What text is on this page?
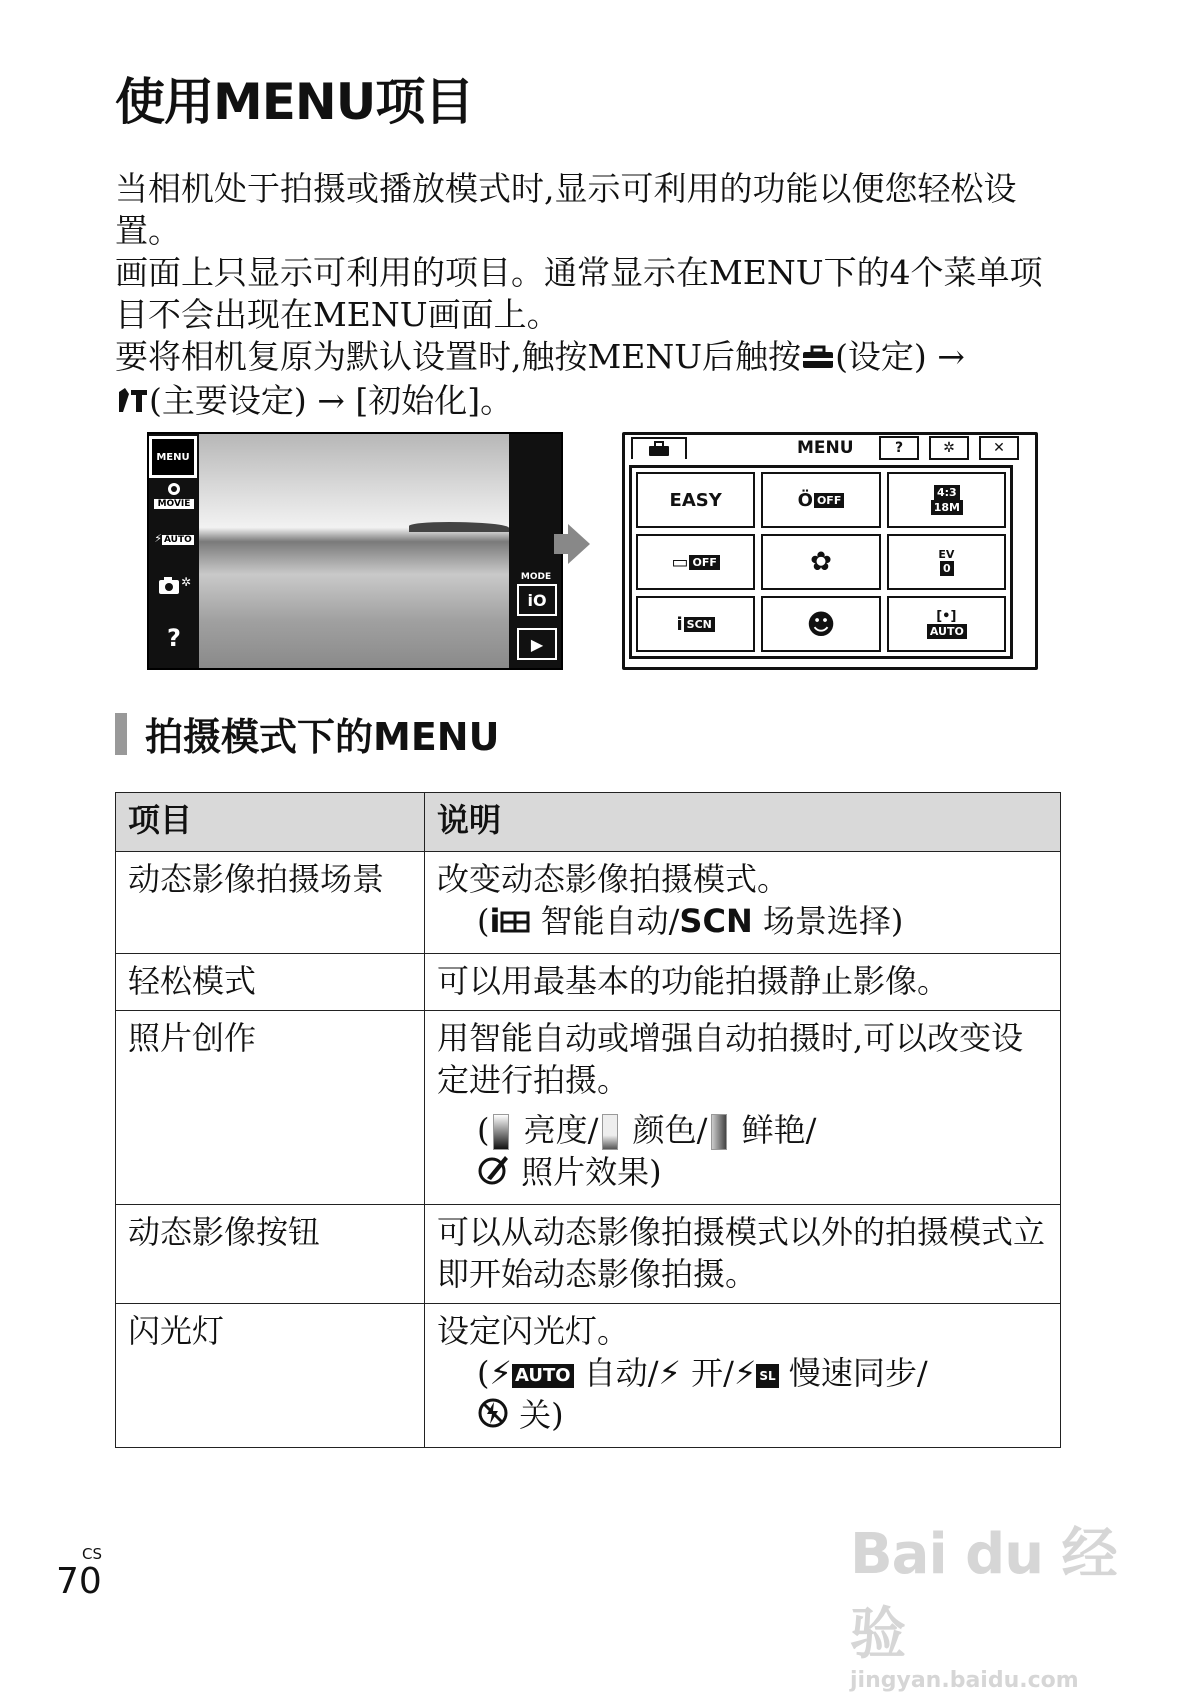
使用MENU项目

当相机处于拍摄或播放模式时,显示可利用的功能以便您轻松设置。

画面上只显示可利用的项目。通常显示在MENU下的4个菜单项目不会出现在MENU画面上。

要将相机复原为默认设置时,触按MENU后触按 (设定) →
(主要设定) → [初始化]。

MENU
MOVIE
⚡ AUTO
✲
?
MODE
iO
▶
MENU	?	✲	✕
EASY	Ö OFF
4:3
18M
▭ OFF	✿	EV
0
i SCN	☻	[•]
AUTO
拍摄模式下的MENU
项目	说明
动态影像拍摄场景	改变动态影像拍摄模式。
(i 智能自动/SCN 场景选择)

轻松模式	可以用最基本的功能拍摄静止影像。
照片创作	用智能自动或增强自动拍摄时,可以改变设定进行拍摄。
( 亮度/ 颜色/ 鲜艳/
照片效果)

动态影像按钮	可以从动态影像拍摄模式以外的拍摄模式立即开始动态影像拍摄。
闪光灯	设定闪光灯。
(⚡ AUTO 自动/⚡ 开/⚡ SL 慢速同步/
关)
CS
70	Bai du 经验
jingyan.baidu.com
